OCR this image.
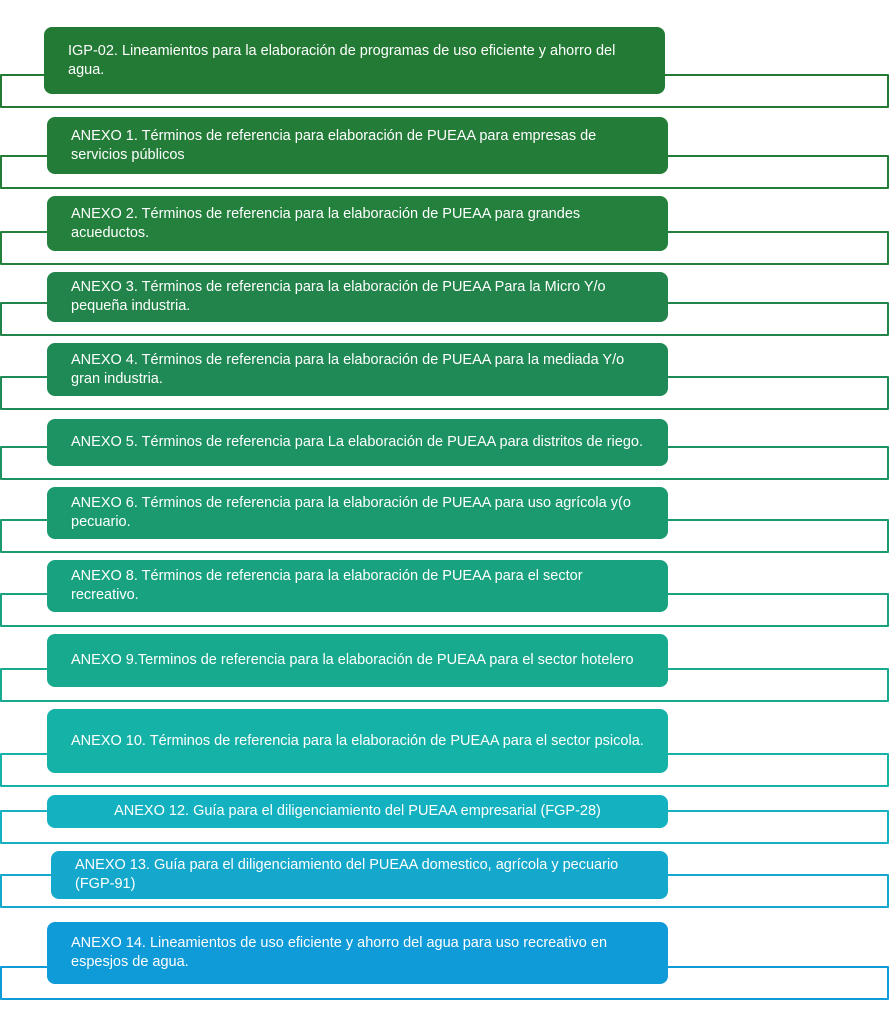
IGP-02. Lineamientos para la elaboración de programas de uso eficiente y ahorro del agua.
ANEXO 1. Términos de referencia para elaboración de PUEAA para empresas de servicios públicos
ANEXO 2. Términos de referencia para la elaboración de PUEAA para grandes acueductos.
ANEXO 3. Términos de referencia para la elaboración de PUEAA Para la Micro Y/o pequeña industria.
ANEXO 4. Términos de referencia para la elaboración de PUEAA para la mediada Y/o gran industria.
ANEXO 5. Términos de referencia para La elaboración de PUEAA para distritos de riego.
ANEXO 6. Términos de referencia para la elaboración de PUEAA para uso agrícola y(o pecuario.
ANEXO 8. Términos de referencia para la elaboración de PUEAA para el sector recreativo.
ANEXO 9.Terminos de referencia para la elaboración de PUEAA para el sector hotelero
ANEXO 10. Términos de referencia para la elaboración de PUEAA para el sector psicola.
ANEXO 12. Guía para el diligenciamiento del PUEAA empresarial (FGP-28)
ANEXO 13. Guía para el diligenciamiento del PUEAA domestico, agrícola y pecuario (FGP-91)
ANEXO 14. Lineamientos de uso eficiente y ahorro del agua para uso recreativo en espesjos de agua.
